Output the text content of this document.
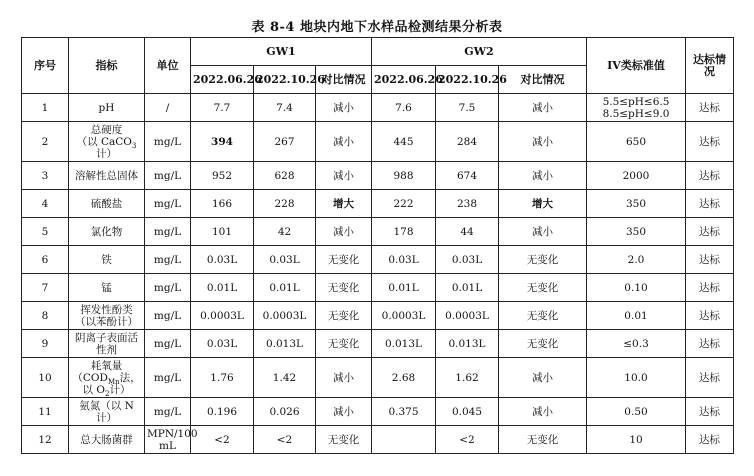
表 8-4 地块内地下水样品检测结果分析表
序号	指标	单位	GW1			GW2			IV类标准值	达标情况
			2022.06.26	2022.10.26	对比情况	2022.06.26	2022.10.26	对比情况		
1	pH	/	7.7	7.4	减小	7.6	7.5	减小	5.5≤pH≤6.5
8.5≤pH≤9.0	达标
2	总硬度
（以 CaCO$_3$
计）	mg/L	394	267	减小	445	284	减小	650	达标
3	溶解性总固体	mg/L	952	628	减小	988	674	减小	2000	达标
4	硫酸盐	mg/L	166	228	增大	222	238	增大	350	达标
5	氯化物	mg/L	101	42	减小	178	44	减小	350	达标
6	铁	mg/L	0.03L	0.03L	无变化	0.03L	0.03L	无变化	2.0	达标
7	锰	mg/L	0.01L	0.01L	无变化	0.01L	0.01L	无变化	0.10	达标
8	挥发性酚类
（以苯酚计）	mg/L	0.0003L	0.0003L	无变化	0.0003L	0.0003L	无变化	0.01	达标
9	阴离子表面活
性剂	mg/L	0.03L	0.013L	无变化	0.013L	0.013L	无变化	≤0.3	达标
10	耗氧量
（$COD_{Mn}$法，
以 $O_2$计）	mg/L	1.76	1.42	减小	2.68	1.62	减小	10.0	达标
11	氨氮（以 N
计）	mg/L	0.196	0.026	减小	0.375	0.045	减小	0.50	达标
12	总大肠菌群	MPN/100
mL	<2	<2	无变化		<2	无变化	10	达标
